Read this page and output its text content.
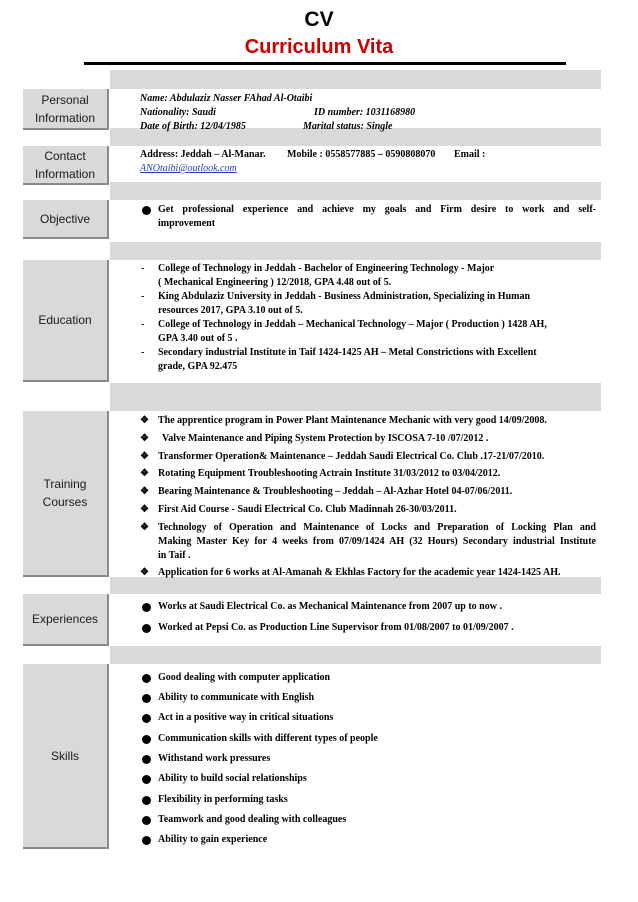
CV
Curriculum Vita
Personal Information
Contact Information
Objective
Education
Training Courses
Experiences
Skills
Name: Abdulaziz Nasser FAhad Al-Otaibi
Nationality: Saudi	ID number: 1031168980
Date of Birth: 12/04/1985	Marital status: Single
Address: Jeddah – Al-Manar. Mobile : 0558577885 – 0590808070 Email :
ANOtaibi@outlook.com
Get professional experience and achieve my goals and Firm desire to work and self-
improvement
- College of Technology in Jeddah - Bachelor of Engineering Technology - Major
( Mechanical Engineering ) 12/2018, GPA 4.48 out of 5.
- King Abdulaziz University in Jeddah - Business Administration, Specializing in Human
resources 2017, GPA 3.10 out of 5.
- College of Technology in Jeddah – Mechanical Technology – Major ( Production ) 1428 AH,
GPA 3.40 out of 5 .
- Secondary industrial Institute in Taif 1424-1425 AH – Metal Constrictions with Excellent
grade, GPA 92.475
❖ The apprentice program in Power Plant Maintenance Mechanic with very good 14/09/2008.
❖ Valve Maintenance and Piping System Protection by ISCOSA 7-10 /07/2012 .
❖ Transformer Operation& Maintenance – Jeddah Saudi Electrical Co. Club .17-21/07/2010.
❖ Rotating Equipment Troubleshooting Actrain Institute 31/03/2012 to 03/04/2012.
❖ Bearing Maintenance & Troubleshooting – Jeddah – Al-Azhar Hotel 04-07/06/2011.
❖ First Aid Course - Saudi Electrical Co. Club Madinnah 26-30/03/2011.
❖ Technology of Operation and Maintenance of Locks and Preparation of Locking Plan and
Making Master Key for 4 weeks from 07/09/1424 AH (32 Hours) Secondary industrial Institute
in Taif .
❖ Application for 6 works at Al-Amanah & Ekhlas Factory for the academic year 1424-1425 AH.
Works at Saudi Electrical Co. as Mechanical Maintenance from 2007 up to now .
Worked at Pepsi Co. as Production Line Supervisor from 01/08/2007 to 01/09/2007 .
Good dealing with computer application
Ability to communicate with English
Act in a positive way in critical situations
Communication skills with different types of people
Withstand work pressures
Ability to build social relationships
Flexibility in performing tasks
Teamwork and good dealing with colleagues
Ability to gain experience
